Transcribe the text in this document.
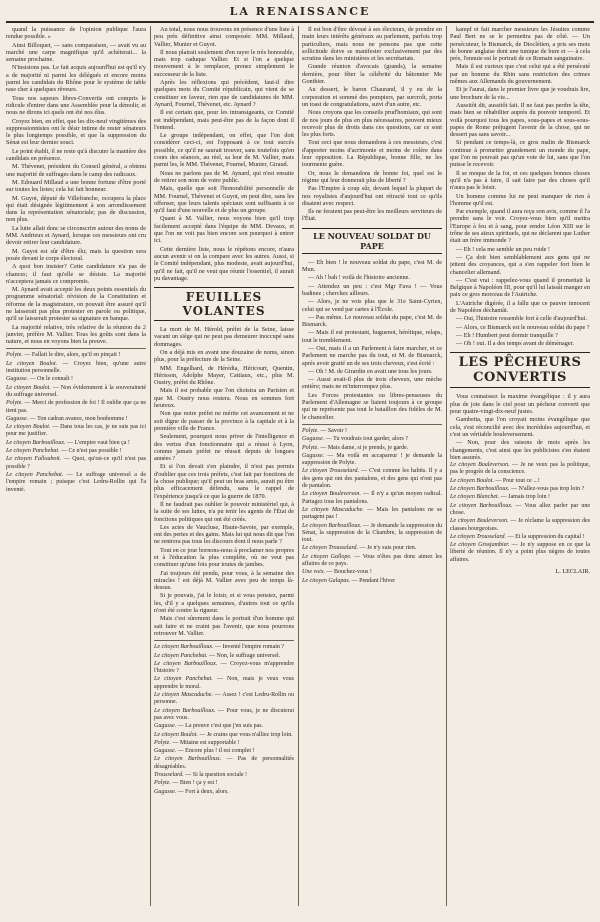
LA RENAISSANCE

quand la puissance de l'opinion publique l'aura rendue possible. »

Ainsi Billoquet, — sans comparaison, — avait vu au marché une carpe magnifique qu'il achèterait... la semaine prochaine.

N'insistons pas. Le fait acquis aujourd'hui est qu'il n'y a de majorité ni parmi les délégués et encore moins parmi les candidats du Rhône pour le système de table rase cher à quelques rêveurs.

Tous nos sapeurs libres-Convertis ont compris le ridicule d'entrer dans une Assemblée pour la démolir, et nous ne dirons ici quels ont été nos élus.

Croyez bien, en effet, que les dix-neuf vingtièmes des suppressionnistes ont le désir intime de rester sénateurs le plus longtemps possible, et que la suppression du Sénat est leur dernier souci.

Le point établi, il ne reste qu'à discuter la manière des candidats en présence.

M. Thévenet, président du Conseil général, a obtenu une majorité de suffrages dans le camp des radicaux.

M. Edouard Millaud a une bonne fortune d'être porté sur toutes les listes; cela lui fait honneur.

M. Guyot, député de Villefranche, occupera la place qui était désignée légitimement à son arrondissement dans la représentation sénatoriale; pas de discussion, non plus.

La lutte allait donc se circonscrire autour des noms de MM. Andrieux et Aynard, lorsque ces messieurs ont cru devoir retirer leur candidature.

M. Guyot est sûr d'être élu; mais la question sera posée devant le corps électoral.

A quoi bon insister? Cette candidature n'a pas de chances; il faut qu'elle se désiste. La majorité n'acceptera jamais ce compromis.

M. Aynard avait accepté les deux points essentiels du programme sénatorial: révision de la Constitution et réforme de la magistrature, on pouvait être assuré qu'il ne laisserait pas plus protester en parole ou politique, qu'il se laisserait protester sa signature en banque.

La majorité relative, très relative de la réunion du 2 janvier, préfère M. Vallier. Tous les goûts sont dans la nature, et nous en voyons bien la preuve.

Polyte. — Fallait le dire, alors, qu'il en pinçait !

Le citoyen Boulot. — Croyez bien, qu'une autre institution personnelle.

Gugusse. — On le connaît !

Le citoyen Boulot. — Non évidemment à la souveraineté du suffrage universel.

Polyte. — Merci de profession de foi ! Il oublie que ça ne tient pas.

Gugusse. — Ton cadran avance, mon bonhomme !

Le citoyen Boulot. — Dans tous les cas, je ne suis pas ici pour me justifier.

Le citoyen Barbouilloux. — L'empire vaut bien ça !

Le citoyen Panchebat. — Ce n'est pas possible !

Le citoyen Fallouboit. — Quoi, qu'est-ce qu'il n'est pas possible ?

Le citoyen Panchebat. — Le suffrage universel a de l'empire romain ; puisque c'est Ledru-Rollin qui l'a inventé.

Au total, nous nous trouvons en présence d'une liste à peu près définitive ainsi composée: MM. Millaud, Vallier, Munier et Guyot.

Il nous plairait seulement d'en rayer le très honorable, mais trop caduque Vallier. Et si l'on a quelque mouvement à le remplacer, prenez simplement le successeur de la liste.

Après les réflexions qui précèdent, faut-il dire quelques mots du Comité républicain, qui vient de se constituer en faveur, rien que de candidatures de MM. Aynard, Fournel, Thévenet, etc. Aynard ?

Il est certain que, pour les intransigeants, ce Comité est indépendant, mais peut-être pas de la façon dont il l'entend.

Le groupe indépendant, on effet, que l'on doit considérer ceci-ci, est l'opposant à ce tout succès possible, ce qu'il ne saurait trouver, sans toutefois qu'en cours des séances, au réel, sa leur de M. Vallier, mais parmi les, le MM. Thévenet, Fournel, Munier, Giraud.

Nous ne parlons pas de M. Aynard, qui n'est ensuite de retirer son nom de votre public.

Mais, quelle que soit l'honorabilité personnelle de MM. Fournel, Thévenet et Guyot, en peut dire, sans les offenser, que leurs talents spéciaux sont suffisants à ce qu'il faut d'une nouvelle et de plus un groupe.

Quant à M. Vallier, nous voyons bien qu'il trop facilement accepté dans l'équipe de MM. Devaux, et que l'on ne voit pas bien encore son pourquoi à entrer ici.

Cette dernière liste, nous le répétons encore, n'aura aucun avenir si on la compare avec les autres. Aussi, si le Comité indépendant, plus modeste, avait aujourd'hui, qu'il ne fait, qu'il ne veut que réunir l'essentiel, il aurait pu davantage.

FEUILLES VOLANTES

La mort de M. Hérold, préfet de la Seine, laisse vacant un siège qui ne peut pas demeurer inoccupé sans dommages.

On a déjà mis en avant une douzaine de noms, sinon plus, pour la préfecture de la Seine.

MM. Engelhard, de Hérédia, Héricourt, Quentin, Hérisson, Adolphe Mayer, Cattiaux, etc., plus M. Oustry, préfet du Rhône.

Mais il est probable que l'on choisira un Parisien et que M. Oustry nous restera. Nous en sommes fort heureux.

Non que notre préfet ne mérite cet avancement et ne soit digne de passer de la province à la capitale et à la première ville de France.

Seulement, pourquoi nous priver de l'intelligence et des vertus d'un fonctionnaire qui a réussi à Lyon, comme jamais préfet ne réussit depuis de longues années ?

Et si l'on devait s'en plaindre, il n'est pas permis d'oublier que ces trois préfets, c'est fait par fonctions de la chose publique; qu'il peut un bras amis, aurait pu être plus efficacement défendu, sans le rappel de l'expérience jusqu'à ce que la guerre de 1870.

Il ne faudrait pas oublier le pouvoir ministériel qui, à la suite de ses luttes, n'a pu tenir les agents de l'État de fonctions politiques qui ont été créés.

Les actes de Vaucluse, Haute-Savoie, par exemple, ont des pertes et des gains. Mais lui qui nous dit que l'on ne rentrera pas tous les discours dont il nous parle ?

Tout en ce jour bornons-nous à proclamer nos propres et à l'éducation la plus complète, où ne veut pas constituer qu'une fois pour toutes de jambes.

J'ai toujours été pendu, pour vous, à la semaine des miracles ! est déjà M. Vallier avec peu de temps là-dessus.

Si je pouvais, j'ai le loisir, et si vous pensiez, parmi les, d'il y a quelques semaines, d'autres tout ce qu'ils n'ont été contre la rigueur.

Mais c'est sûrement dans le portrait d'un homme qui sait faire et ne craint pas l'avenir, que nous pourrons retrouver M. Vallier.

Le citoyen Barbouilloux. — Inventé l'empire romain ?

Le citoyen Panchebat. — Non, le suffrage universel.

Le citoyen Barbouilloux. — Croyez-vous m'apprendre l'histoire ?

Le citoyen Panchebat. — Non, mais je veux vous apprendre le moral.

Le citoyen Mascaduche. — Assez ! c'est Ledru-Rollin ou personne.

Le citoyen Barbouilloux. — Pour vous, je ne discuterai pas avec vous.

Gugusse. — La preuve c'est que j'en suis pas.

Le citoyen Boulot. — Je crains que vous n'alliez trop loin.

Polyte. — Mitaine est supportable !

Gugusse. — Encore plus ! il est complet !

Le citoyen Barbouilloux. — Pas de personnalités désagréables.

Trousselard. — Si la question sociale !

Polyte. — Bien ! ça y est !

Gugusse. — Fort à deux, alors.

Il est bon d'être dévoué à ses électeurs, de prendre en main leurs intérêts généraux au parlement, parfois trop particuliers, mais nous ne pensons pas que cette sollicitude doive se manifester exclusivement par des scrutins dans les ministères et les secrétariats.

Grande réunion d'avocats (grands), la semaine dernière, pour fêter la célébrité du bâtonnier Me Gonthier.

Au dessert, le baron Chaurand, il y eu de la corporation et sommé des pompiers, par surcroît, porta un toast de congratulations, suivi d'un autre, etc.

Nous croyons que les conseils prud'homiaux, qui sont de nos jours de plus en plus nécessaires, peuvent mieux recevoir plus de droits dans ces questions, car ce sont les plus forts.

Tout ceci que nous demandons à ces messieurs, c'est d'apporter moins d'acrimonie et moins de colère dans leur opposition. La République, bonne fille, ne les tourmente guère.

Or, nous le demandons de bonne foi, quel est le régime qui leur donnerait plus de liberté ?

Pas l'Empire à coup sûr, devant lequel la plupart de nos royalistes d'aujourd'hui ont rétracté tout ce qu'ils disaient avec respect.

Ils ne feraient pas peut-être les meilleurs serviteurs de l'État.

LE NOUVEAU SOLDAT DU PAPE

— Eh bien ! le nouveau soldat du pape, c'est M. de Mun.

— Ah ! bah ! voilà de l'histoire ancienne.

— Attendez un peu : c'est Mgr Fava ! — Vous badinez ; cherchez ailleurs.

— Alors, je ne vois plus que le 31e Saint-Cyrien, celui qui se vend par cartes à l'École.

— Pas même. Le nouveau soldat du pape, c'est M. de Bismarck.

— Mais il est protestant, huguenot, hérétique, relaps, tout le tremblement.

— Oui, mais il a un Parlement à faire marcher, et ce Parlement ne marche pas du tout, et M. de Bismarck, après avoir gratté un de ses trois cheveux, s'est écrié :

— Oh ! M. de Girardin en avait une tous les jours.

— Aussi avait-il plus de trois cheveux, une mèche entière; mais ne m'interrompez plus.

Les Forces protestantes ou libres-penseuses du Parlement d'Allemagne se liaient toujours à ce groupe qui ne représente pas tout le bataillon des fidèles de M. le chancelier.

Polyte. — Savoir !

Gugusse. — Tu voudrais tout garder, alors ?

Polyte. — Mais dame, si je prends, je garde.

Gugusse. — Ma voilà en accapareur ! je demande la suppression de Polyte.

Le citoyen Trousselard. — C'est comme les habits. Il y a des gens qui ont des pantalons, et des gens qui n'ont pas de pantalon.

Le citoyen Bouleverson. — Il n'y a qu'un moyen radical. Partagez tous les pantalons.

Le citoyen Mascaduche. — Mais les pantalons ne se partagent pas !

Le citoyen Barbouilloux. — Je demande la suppression du Sénat, la suppression de la Chambre, la suppression de tout.

Le citoyen Trousselard. — Je n'y suis pour rien.

Le citoyen Gallope. — Vous n'êtes pas donc aimez les affaires de ce pays.

Une voix. — Bouchez-vous !

Le citoyen Galapas. — Pendant l'hiver

kampf et fait marcher messieurs les Jésuites comme Paul Bert ne se le permettra pas de côté. — Un persécuteur, le Bismarck, de Dioclétien, a pris ses mots de bonne anglaise dont une tunique de bure et — à cela près, l'ennuie est le portrait de ce Romain sanguinaire.

Mais il est curieux que c'est celui qui a été persécuté par un homme du Rhin sans restriction des crimes mêmes aux Allemands du gouvernement.

Et je l'aurai, dans le premier livre que je voudrais lire, une brochure de la vie...

Aussitôt dit, aussitôt fait. Il ne faut pas perdre la tête, mais bien se réhabiliter auprès du pouvoir temporel. Et voilà pourquoi tous les papes, sous-papes et sous-sous-papes de Rome préjugent l'avenir de la chose, qui ne dessert pas sans savoir...

Si pendant ce temps-là, ce gros malin de Bismarck continue à promettre grandement un monde du pape, que l'on ne pouvait pas qu'un vote de lui, sans que l'on puisse le recevoir.

Il se moque de la foi, et ces quelques bonnes choses qu'il n'a pas à faire, il sait faire par des choses qu'il n'aura pas le loisir.

Un homme comme lui ne peut manquer de rien à l'homme qu'il est.

Par exemple, quand il aura reçu son avis, comme il l'a prendre sans le voir. Croyez-vous bien qu'il mettra l'Europe à feu et à sang, pour rendre Léon XIII sur le trône de ses aïeux spirituels, qui ne déclarent que Luther était un frère immonde ?

— Eh ! cela me semble un peu roide !

— Ça doit bien semblablement aux gens qui ne jettent des croyances, qui a s'en rappeler fort bien le chancelier allemand.

— C'est vrai : rappelez-vous quand il promettait la Belgique à Napoléon III, pour qu'il lui laissât manger en paix ce gros morceau de l'Autriche.

L'Autriche digérée, il a fallu que ce pauvre innocent de Napoléon déchantât.

— Oui, l'histoire ressemble fort à celle d'aujourd'hui.

— Alors, ce Bismarck est le nouveau soldat du pape ?

— Eh ! Humbert peut dormir tranquille ?

— Oh ! oui. Il a des temps avant de déménager.

LES PÊCHEURS CONVERTIS

Vous connaissez la maxime évangélique : il y aura plus de joie dans le ciel pour un pécheur converti que pour quatre-vingt-dix-neuf justes.

Gambetta, que l'on croyait moins évangélique que cela, s'est réconcilié avec des incrédules aujourd'hui, et c'est un véritable bouleversement.

— Non, pour des raisons de mois après les changements, c'est ainsi que les publicistes s'en étaient bien assurés.

Le citoyen Bouleverson. — Je ne veux pas la politique, pas le progrès de la conscience.

Le citoyen Boulot. — Pour tout ce ...!

Le citoyen Barbouilloux. — N'allez-vous pas trop loin ?

Le citoyen Blanchet. — Jamais trop loin !

Le citoyen Barbouilloux. — Vous allez parler par une chose.

Le citoyen Bouleverson. — Je réclame la suppression des classes bourgeoises.

Le citoyen Trousselard. — Et la suppression du capital !

Le citoyen Grosjambier. — Je n'y suppose en ce que la liberté de réunion. Il n'y a point plus nègres de toutes affaires.

L. LECLAIR.
